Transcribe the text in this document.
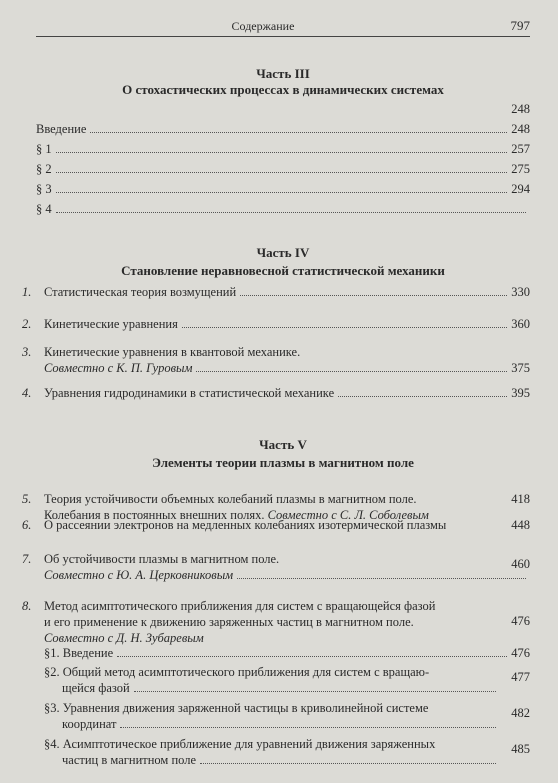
Содержание	797
Часть III
О стохастических процессах в динамических системах
248
Введение	248
§ 1	257
§ 2	275
§ 3	294
§ 4
Часть IV
Становление неравновесной статистической механики
1.	Статистическая теория возмущений	330
2.	Кинетические уравнения	360
3. Кинетические уравнения в квантовой механике.
Совместно с К. П. Гуровым	375
4.	Уравнения гидродинамики в статистической механике	395
Часть V
Элементы теории плазмы в магнитном поле
5. Теория устойчивости объемных колебаний плазмы в магнитном поле.
Колебания в постоянных внешних полях. Совместно с С. Л. Соболевым
418
6. О рассеянии электронов на медленных колебаниях изотермической плазмы	448
7. Об устойчивости плазмы в магнитном поле.
Совместно с Ю. А. Церковниковым
460
8. Метод асимптотического приближения для систем с вращающейся фазой
и его применение к движению заряженных частиц в магнитном поле.
Совместно с Д. Н. Зубаревым
476
§1. Введение	476
§2. Общий метод асимптотического приближения для систем с вращаю-
щейся фазой
477
§3. Уравнения движения заряженной частицы в криволинейной системе
координат
482
§4. Асимптотическое приближение для уравнений движения заряженных
частиц в магнитном поле
485
